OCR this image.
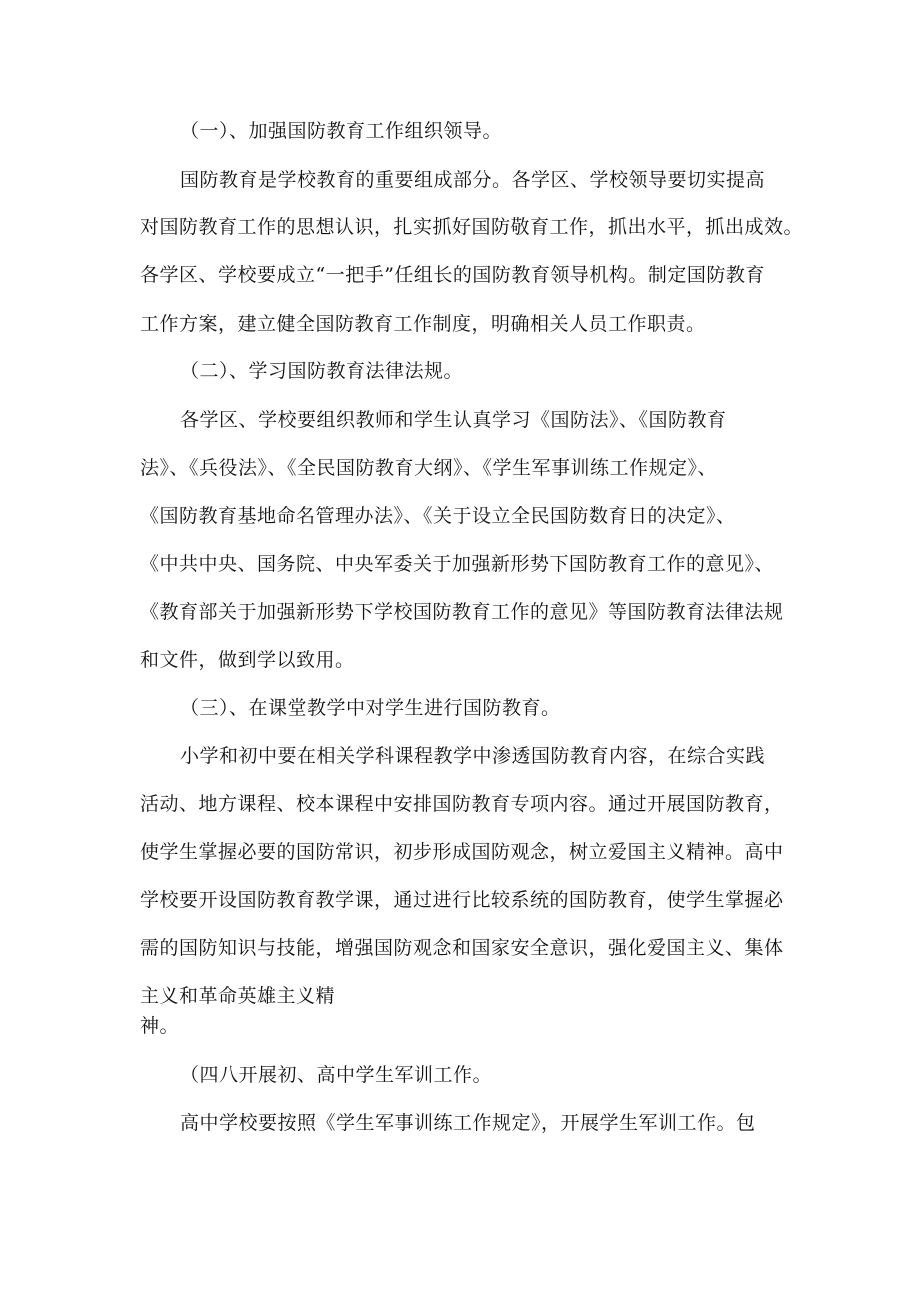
（一）、加强国防教育工作组织领导。
国防教育是学校教育的重要组成部分。各学区、学校领导要切实提高
对国防教育工作的思想认识，扎实抓好国防敬育工作，抓出水平，抓出成效。
各学区、学校要成立“一把手”任组长的国防教育领导机构。制定国防教育
工作方案，建立健全国防教育工作制度，明确相关人员工作职责。
（二）、学习国防教育法律法规。
各学区、学校要组织教师和学生认真学习《国防法》、《国防教育
法》、《兵役法》、《全民国防教育大纲》、《学生军事训练工作规定》、
《国防教育基地命名管理办法》、《关于设立全民国防数育日的决定》、
《中共中央、国务院、中央军委关于加强新形势下国防教育工作的意见》、
《教育部关于加强新形势下学校国防教育工作的意见》等国防教育法律法规
和文件，做到学以致用。
（三）、在课堂教学中对学生进行国防教育。
小学和初中要在相关学科课程教学中渗透国防教育内容，在综合实践
活动、地方课程、校本课程中安排国防教育专项内容。通过开展国防教育，
使学生掌握必要的国防常识，初步形成国防观念，树立爱国主义精神。高中
学校要开设国防教育教学课，通过进行比较系统的国防教育，使学生掌握必
需的国防知识与技能，增强国防观念和国家安全意识，强化爱国主义、集体
主义和革命英雄主义精
神。
（四八开展初、高中学生军训工作。
高中学校要按照《学生军事训练工作规定》，开展学生军训工作。包
